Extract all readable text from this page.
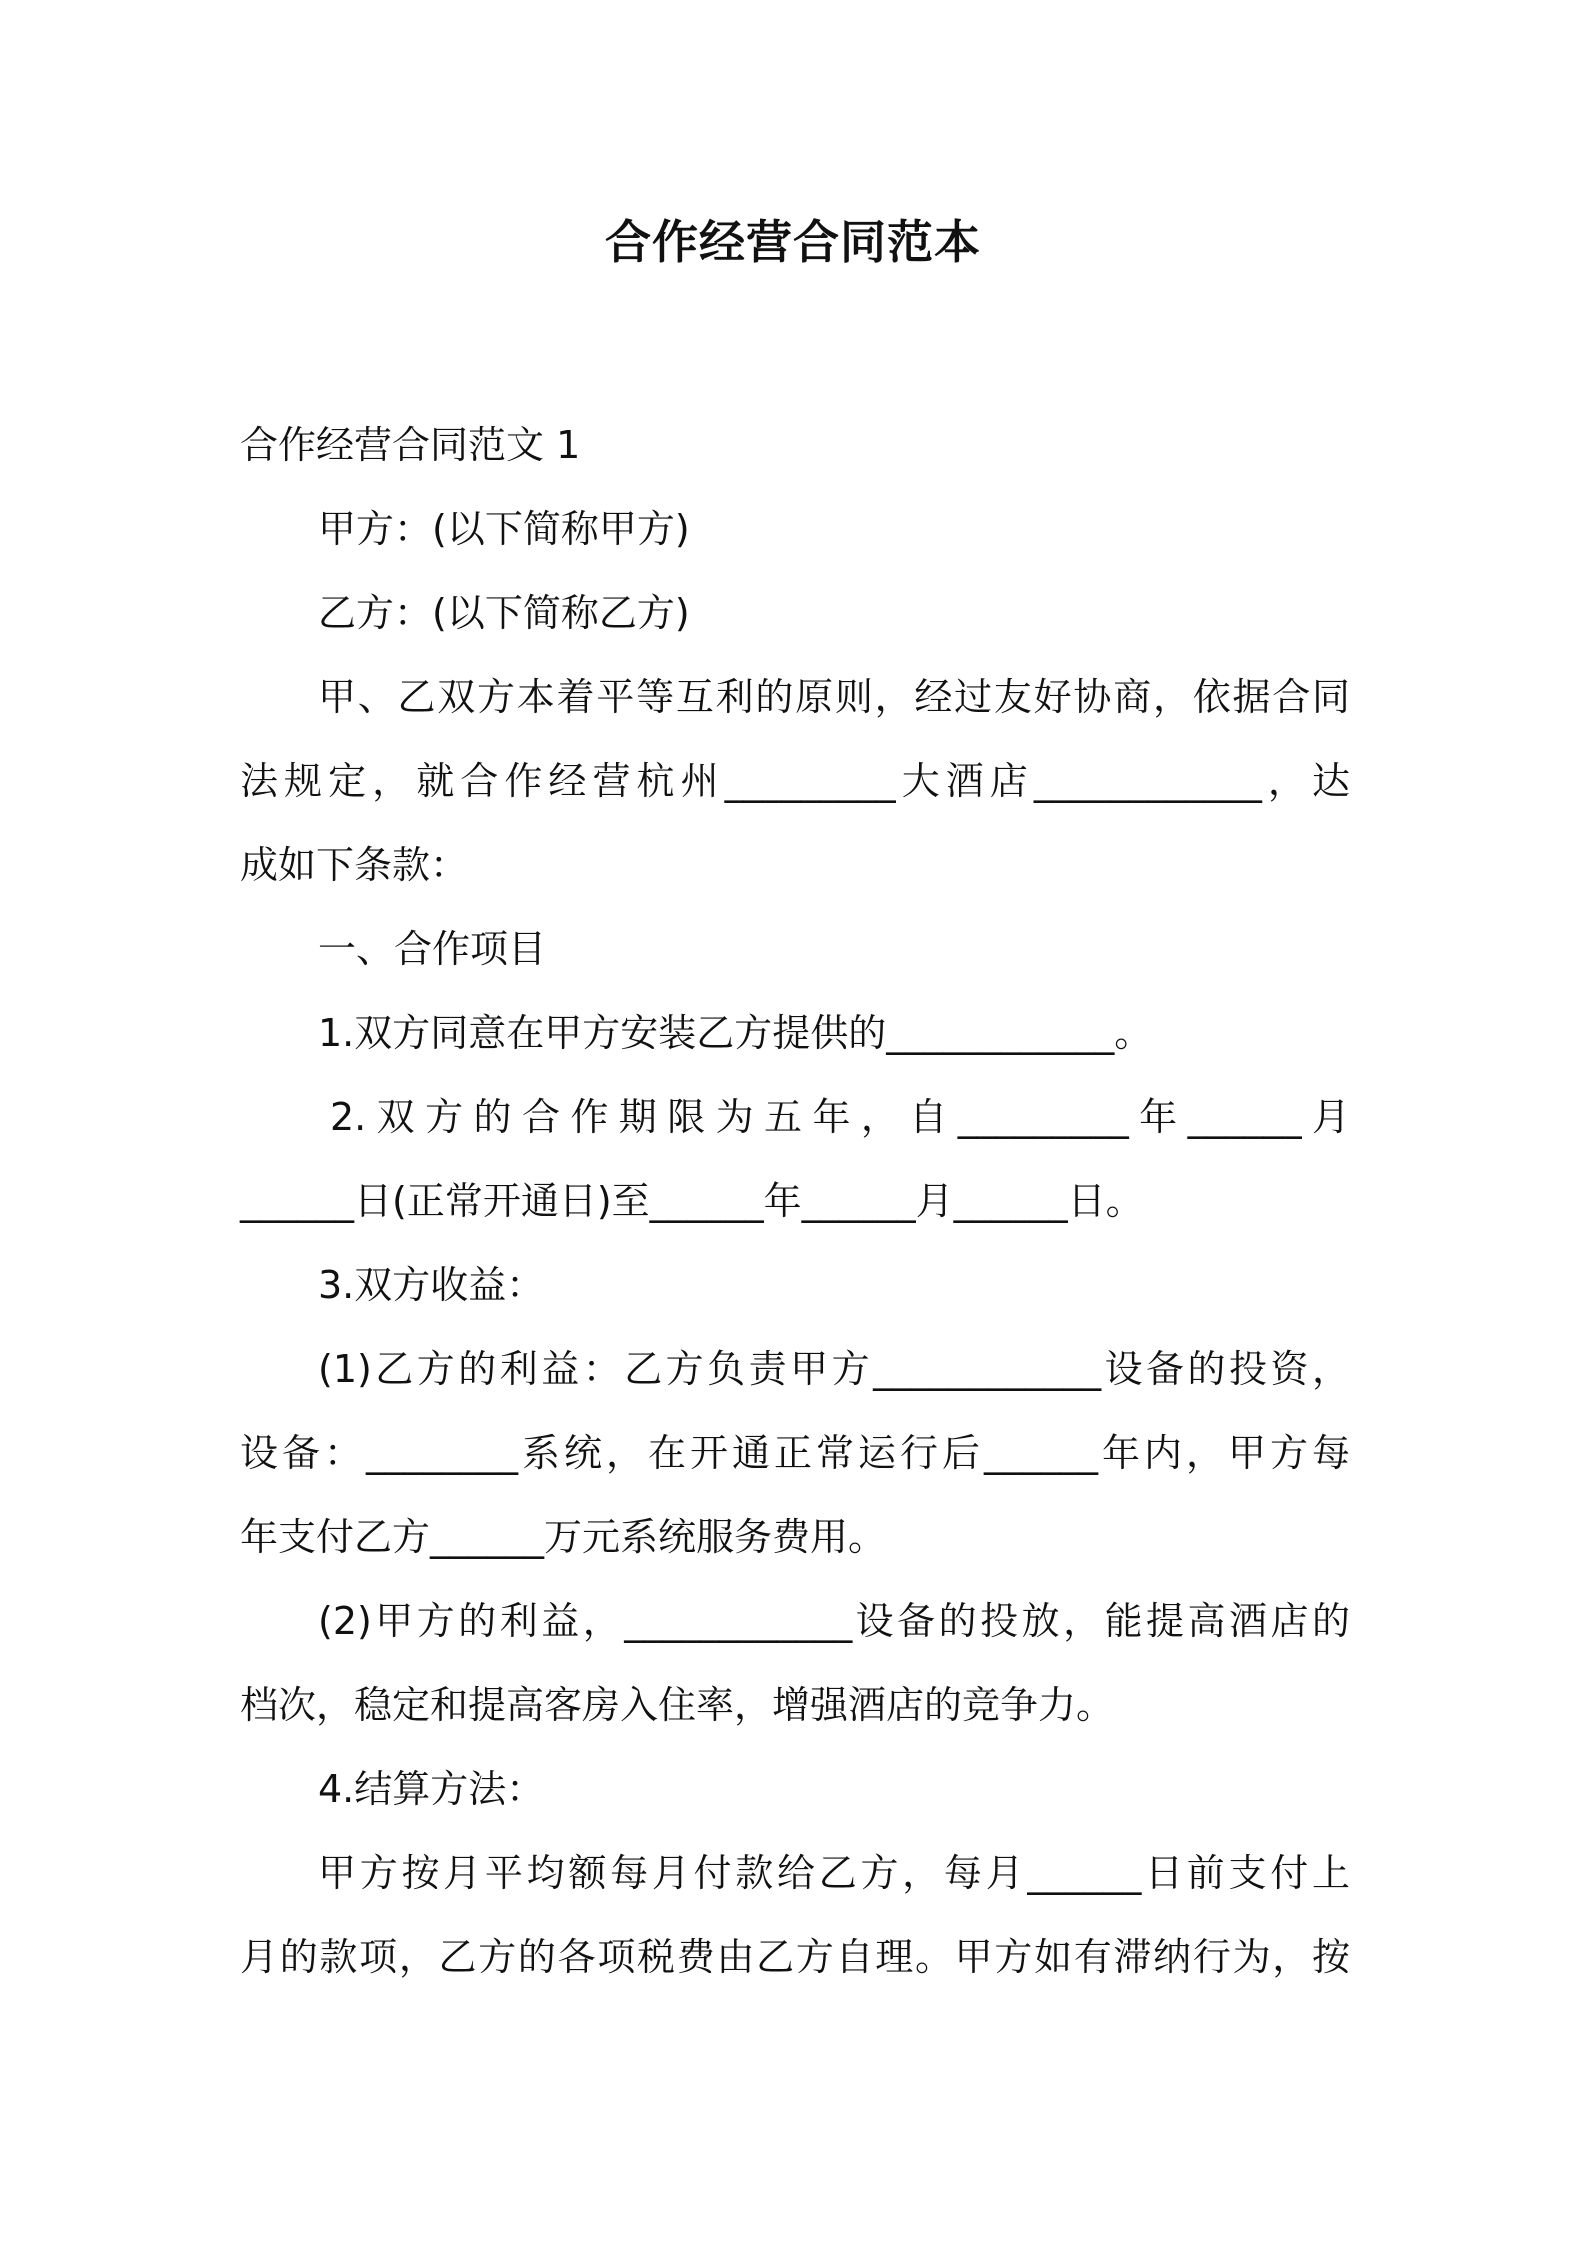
合作经营合同范本
合作经营合同范文 1
甲方：(以下简称甲方)
乙方：(以下简称乙方)
甲、乙双方本着平等互利的原则，经过友好协商，依据合同
法规定，就合作经营杭州_________大酒店____________，达
成如下条款：
一、合作项目
1.双方同意在甲方安装乙方提供的____________。
2.双方的合作期限为五年，自_________年______月
______日(正常开通日)至______年______月______日。
3.双方收益：
(1)乙方的利益：乙方负责甲方____________设备的投资，
设备：________系统，在开通正常运行后______年内，甲方每
年支付乙方______万元系统服务费用。
(2)甲方的利益，____________设备的投放，能提高酒店的
档次，稳定和提高客房入住率，增强酒店的竞争力。
4.结算方法：
甲方按月平均额每月付款给乙方，每月______日前支付上
月的款项，乙方的各项税费由乙方自理。甲方如有滞纳行为，按
